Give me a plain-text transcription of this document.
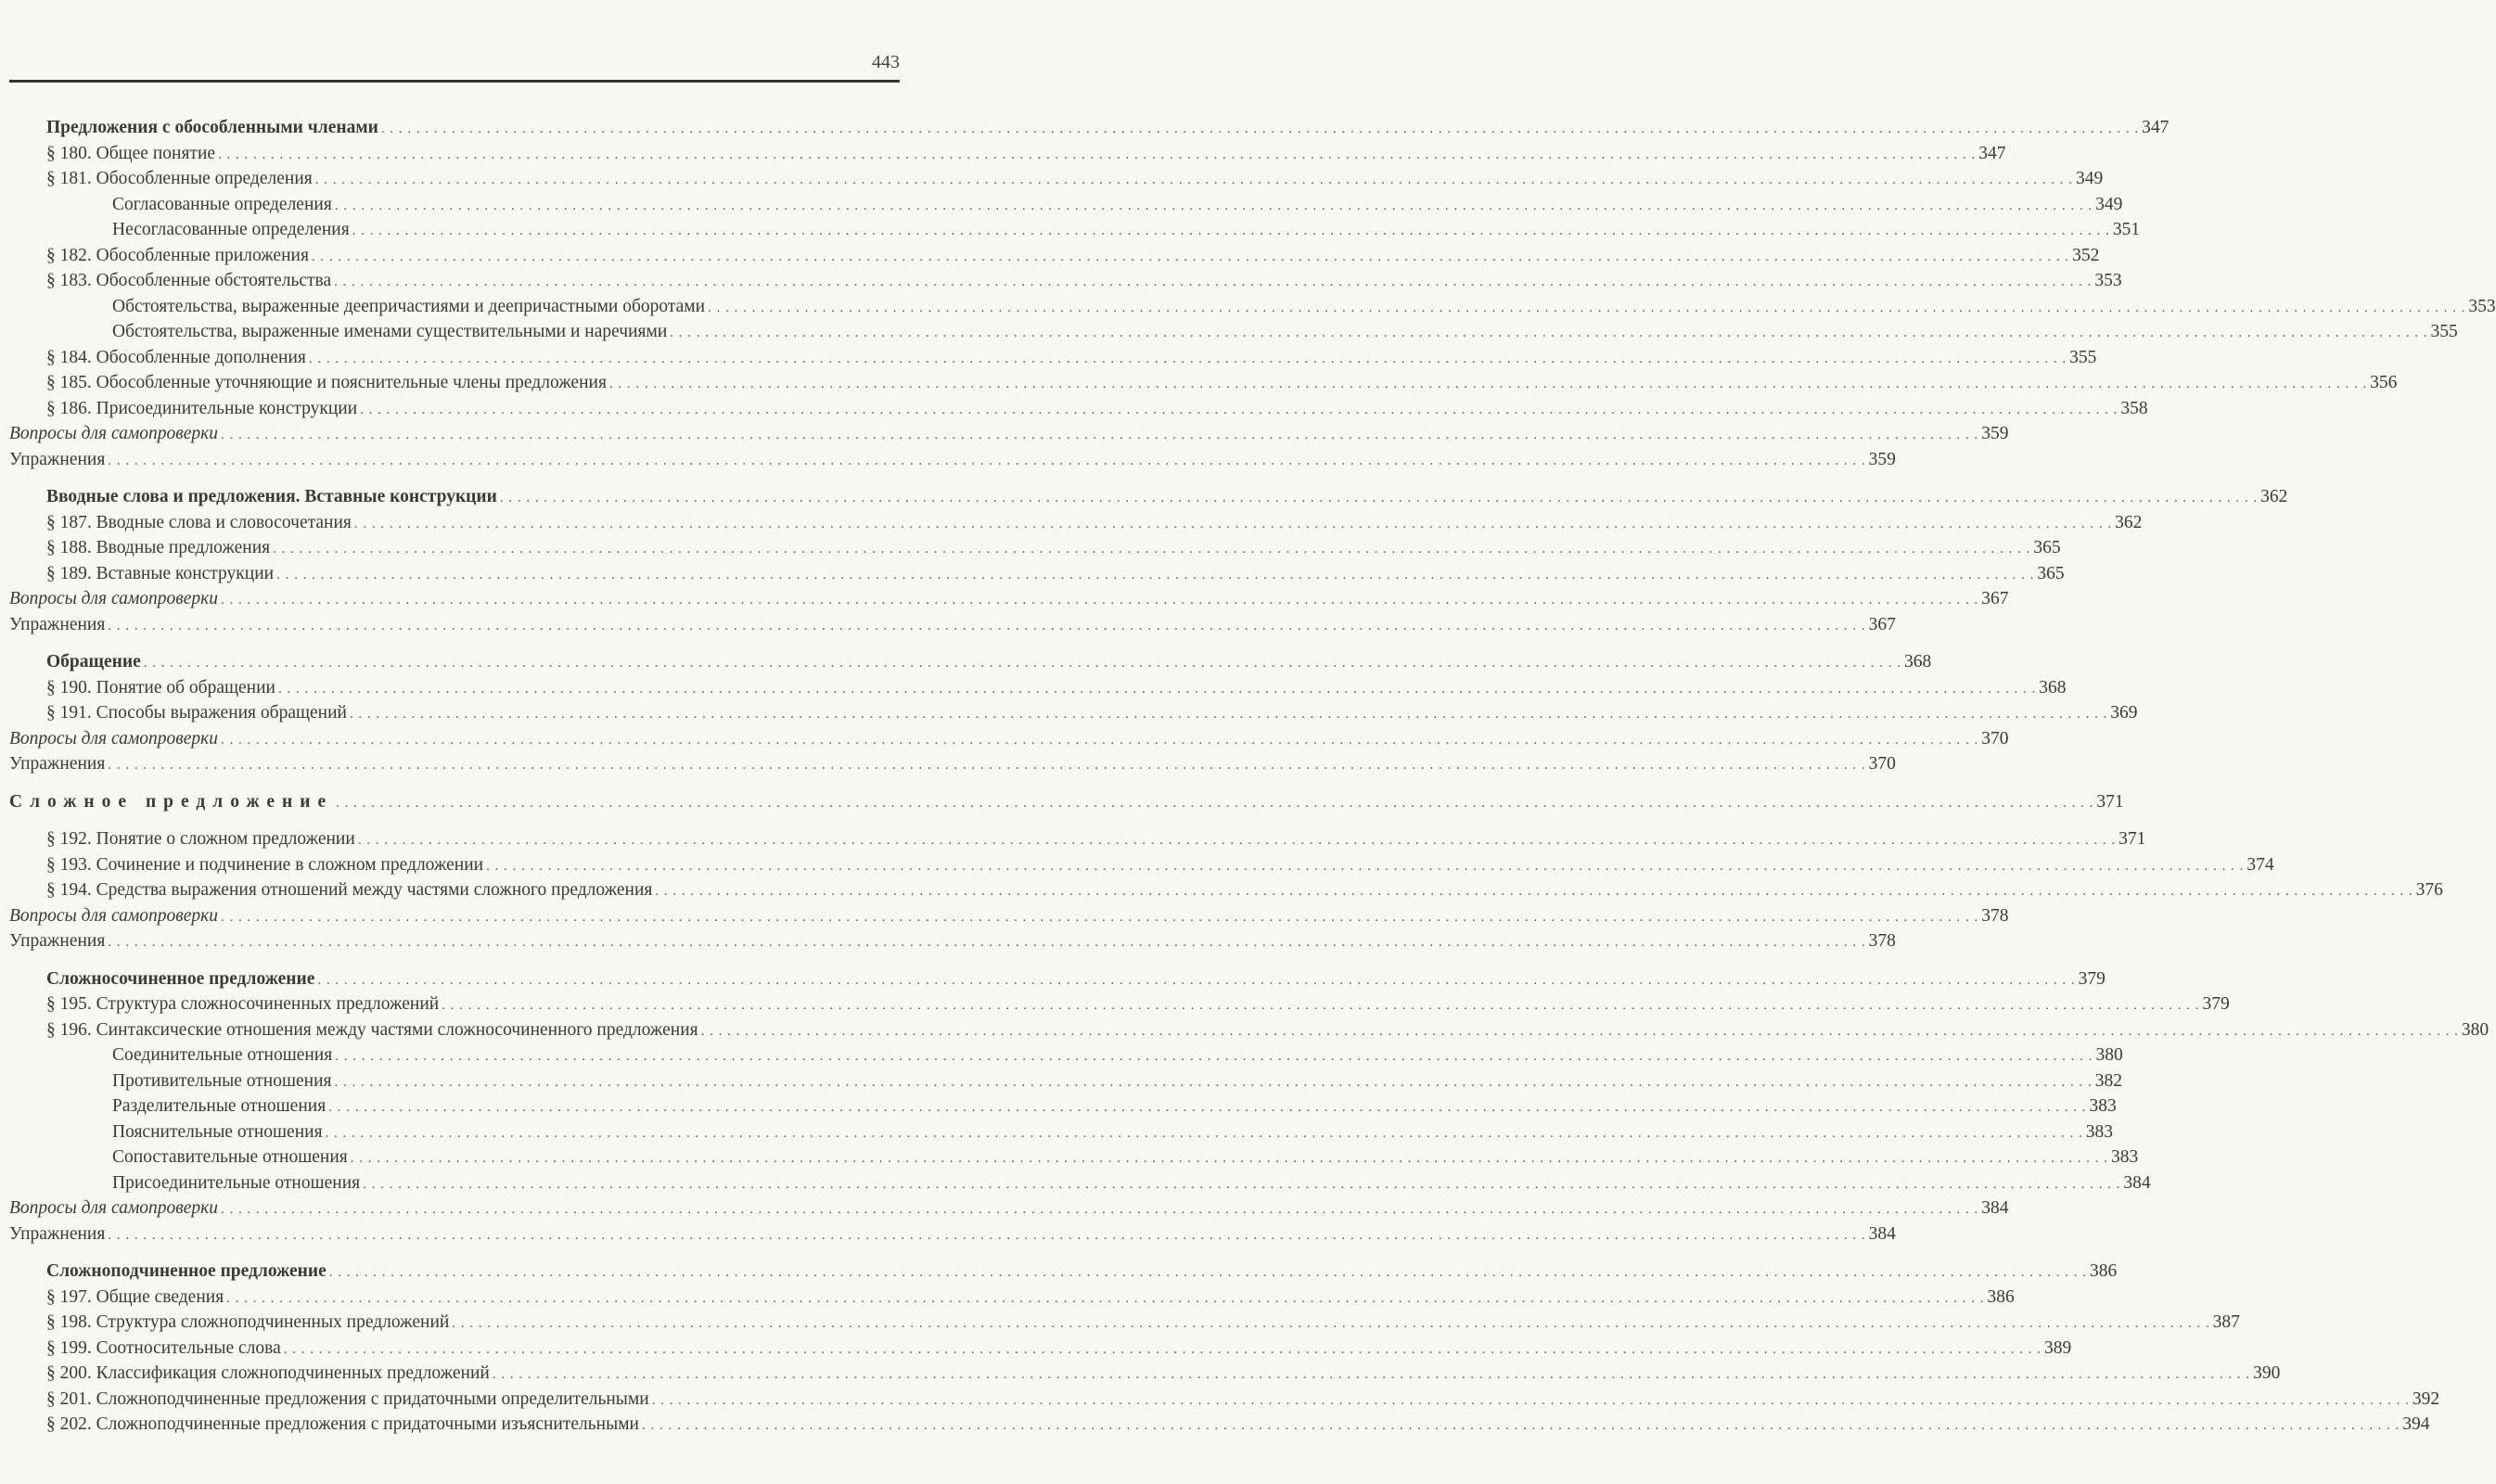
443
Предложения с обособленными членами . . . . . . . . . . . . . . . . . . . . . . . . . . . . . . . . . . . . . . . . . . . . . . . . . . . . . . . . . . . . . . . . . . . . . . . . . . . . . . . . . . . . . . . . . . . . . . . . . . . . . . . . . . . . . . . . . . . . . . . . . . . . . . . . . . . . . . . . . . . . . . . . . . . . . . . . . . . . . . . . . . . . . . . . . . . . . . . . . . . . . . . . . . . . . . . . . . . . . . . . 347
§ 180. Общее понятие . . . . . . . . . . . . . . . . . . . . . . . . . . . . . . . . . . . . . . . . . . . . . . . . . . . . . . . . . . . . . . . . . . . . . . . . . . . . . . . . . . . . . . . . . . . . . . . . . . . . . . . . . . . . . . . . . . . . . . . . . . . . . . . . . . . . . . . . . . . . . . . . . . . . . . . . . . . . . . . . . . . . . . . . . . . . . . . . . . . . . . . . . . . . . . . . . . . . . . . . 347
§ 181. Обособленные определения . . . . . . . . . . . . . . . . . . . . . . . . . . . . . . . . . . . . . . . . . . . . . . . . . . . . . . . . . . . . . . . . . . . . . . . . . . . . . . . . . . . . . . . . . . . . . . . . . . . . . . . . . . . . . . . . . . . . . . . . . . . . . . . . . . . . . . . . . . . . . . . . . . . . . . . . . . . . . . . . . . . . . . . . . . . . . . . . . . . . . . . . . . . . . . . . . . . . . . . . 349
Согласованные определения . . . . . . . . . . . . . . . . . . . . . . . . . . . . . . . . . . . . . . . . . . . . . . . . . . . . . . . . . . . . . . . . . . . . . . . . . . . . . . . . . . . . . . . . . . . . . . . . . . . . . . . . . . . . . . . . . . . . . . . . . . . . . . . . . . . . . . . . . . . . . . . . . . . . . . . . . . . . . . . . . . . . . . . . . . . . . . . . . . . . . . . . . . . . . . . . . . . . . . . . 349
Несогласованные определения . . . . . . . . . . . . . . . . . . . . . . . . . . . . . . . . . . . . . . . . . . . . . . . . . . . . . . . . . . . . . . . . . . . . . . . . . . . . . . . . . . . . . . . . . . . . . . . . . . . . . . . . . . . . . . . . . . . . . . . . . . . . . . . . . . . . . . . . . . . . . . . . . . . . . . . . . . . . . . . . . . . . . . . . . . . . . . . . . . . . . . . . . . . . . . . . . . . . . . . . 351
§ 182. Обособленные приложения . . . . . . . . . . . . . . . . . . . . . . . . . . . . . . . . . . . . . . . . . . . . . . . . . . . . . . . . . . . . . . . . . . . . . . . . . . . . . . . . . . . . . . . . . . . . . . . . . . . . . . . . . . . . . . . . . . . . . . . . . . . . . . . . . . . . . . . . . . . . . . . . . . . . . . . . . . . . . . . . . . . . . . . . . . . . . . . . . . . . . . . . . . . . . . . . . . . . . . . . 352
§ 183. Обособленные обстоятельства . . . . . . . . . . . . . . . . . . . . . . . . . . . . . . . . . . . . . . . . . . . . . . . . . . . . . . . . . . . . . . . . . . . . . . . . . . . . . . . . . . . . . . . . . . . . . . . . . . . . . . . . . . . . . . . . . . . . . . . . . . . . . . . . . . . . . . . . . . . . . . . . . . . . . . . . . . . . . . . . . . . . . . . . . . . . . . . . . . . . . . . . . . . . . . . . . . . . . . . . 353
Обстоятельства, выраженные деепричастиями и деепричастными оборотами . . . . . . . . . . . . . . . . . . . . . . . . . . . . . . . . . . . . . . . . . . . . . . . . . . . . . . . . . . . . . . . . . . . . . . . . . . . . . . . . . . . . . . . . . . . . . . . . . . . . . . . . . . . . . . . . . . . . . . . . . . . . . . . . . . . . . . . . . . . . . . . . . . . . . . . . . . . . . . . . . . . . . . . . . . . . . . . . . . . . . . . . . . . . . . . . . . . . . . . . 353
Обстоятельства, выраженные именами существительными и наречиями . . . . . . . . . . . . . . . . . . . . . . . . . . . . . . . . . . . . . . . . . . . . . . . . . . . . . . . . . . . . . . . . . . . . . . . . . . . . . . . . . . . . . . . . . . . . . . . . . . . . . . . . . . . . . . . . . . . . . . . . . . . . . . . . . . . . . . . . . . . . . . . . . . . . . . . . . . . . . . . . . . . . . . . . . . . . . . . . . . . . . . . . . . . . . . . . . . . . . . . . 355
§ 184. Обособленные дополнения . . . . . . . . . . . . . . . . . . . . . . . . . . . . . . . . . . . . . . . . . . . . . . . . . . . . . . . . . . . . . . . . . . . . . . . . . . . . . . . . . . . . . . . . . . . . . . . . . . . . . . . . . . . . . . . . . . . . . . . . . . . . . . . . . . . . . . . . . . . . . . . . . . . . . . . . . . . . . . . . . . . . . . . . . . . . . . . . . . . . . . . . . . . . . . . . . . . . . . . . 355
§ 185. Обособленные уточняющие и пояснительные члены предложения . . . . . . . . . . . . . . . . . . . . . . . . . . . . . . . . . . . . . . . . . . . . . . . . . . . . . . . . . . . . . . . . . . . . . . . . . . . . . . . . . . . . . . . . . . . . . . . . . . . . . . . . . . . . . . . . . . . . . . . . . . . . . . . . . . . . . . . . . . . . . . . . . . . . . . . . . . . . . . . . . . . . . . . . . . . . . . . . . . . . . . . . . . . . . . . . . . . . . . . . 356
§ 186. Присоединительные конструкции . . . . . . . . . . . . . . . . . . . . . . . . . . . . . . . . . . . . . . . . . . . . . . . . . . . . . . . . . . . . . . . . . . . . . . . . . . . . . . . . . . . . . . . . . . . . . . . . . . . . . . . . . . . . . . . . . . . . . . . . . . . . . . . . . . . . . . . . . . . . . . . . . . . . . . . . . . . . . . . . . . . . . . . . . . . . . . . . . . . . . . . . . . . . . . . . . . . . . . . . 358
Вопросы для самопроверки . . . . . . . . . . . . . . . . . . . . . . . . . . . . . . . . . . . . . . . . . . . . . . . . . . . . . . . . . . . . . . . . . . . . . . . . . . . . . . . . . . . . . . . . . . . . . . . . . . . . . . . . . . . . . . . . . . . . . . . . . . . . . . . . . . . . . . . . . . . . . . . . . . . . . . . . . . . . . . . . . . . . . . . . . . . . . . . . . . . . . . . . . . . . . . . . . . . . . . . . 359
Упражнения . . . . . . . . . . . . . . . . . . . . . . . . . . . . . . . . . . . . . . . . . . . . . . . . . . . . . . . . . . . . . . . . . . . . . . . . . . . . . . . . . . . . . . . . . . . . . . . . . . . . . . . . . . . . . . . . . . . . . . . . . . . . . . . . . . . . . . . . . . . . . . . . . . . . . . . . . . . . . . . . . . . . . . . . . . . . . . . . . . . . . . . . . . . . . . . . . . . . . . . . 359
Вводные слова и предложения. Вставные конструкции . . . . . . . . . . . . . . . . . . . . . . . . . . . . . . . . . . . . . . . . . . . . . . . . . . . . . . . . . . . . . . . . . . . . . . . . . . . . . . . . . . . . . . . . . . . . . . . . . . . . . . . . . . . . . . . . . . . . . . . . . . . . . . . . . . . . . . . . . . . . . . . . . . . . . . . . . . . . . . . . . . . . . . . . . . . . . . . . . . . . . . . . . . . . . . . . . . . . . . . . 362
§ 187. Вводные слова и словосочетания . . . . . . . . . . . . . . . . . . . . . . . . . . . . . . . . . . . . . . . . . . . . . . . . . . . . . . . . . . . . . . . . . . . . . . . . . . . . . . . . . . . . . . . . . . . . . . . . . . . . . . . . . . . . . . . . . . . . . . . . . . . . . . . . . . . . . . . . . . . . . . . . . . . . . . . . . . . . . . . . . . . . . . . . . . . . . . . . . . . . . . . . . . . . . . . . . . . . . . . . 362
§ 188. Вводные предложения . . . . . . . . . . . . . . . . . . . . . . . . . . . . . . . . . . . . . . . . . . . . . . . . . . . . . . . . . . . . . . . . . . . . . . . . . . . . . . . . . . . . . . . . . . . . . . . . . . . . . . . . . . . . . . . . . . . . . . . . . . . . . . . . . . . . . . . . . . . . . . . . . . . . . . . . . . . . . . . . . . . . . . . . . . . . . . . . . . . . . . . . . . . . . . . . . . . . . . . . 365
§ 189. Вставные конструкции . . . . . . . . . . . . . . . . . . . . . . . . . . . . . . . . . . . . . . . . . . . . . . . . . . . . . . . . . . . . . . . . . . . . . . . . . . . . . . . . . . . . . . . . . . . . . . . . . . . . . . . . . . . . . . . . . . . . . . . . . . . . . . . . . . . . . . . . . . . . . . . . . . . . . . . . . . . . . . . . . . . . . . . . . . . . . . . . . . . . . . . . . . . . . . . . . . . . . . . . 365
Вопросы для самопроверки . . . . . . . . . . . . . . . . . . . . . . . . . . . . . . . . . . . . . . . . . . . . . . . . . . . . . . . . . . . . . . . . . . . . . . . . . . . . . . . . . . . . . . . . . . . . . . . . . . . . . . . . . . . . . . . . . . . . . . . . . . . . . . . . . . . . . . . . . . . . . . . . . . . . . . . . . . . . . . . . . . . . . . . . . . . . . . . . . . . . . . . . . . . . . . . . . . . . . . . . 367
Упражнения . . . . . . . . . . . . . . . . . . . . . . . . . . . . . . . . . . . . . . . . . . . . . . . . . . . . . . . . . . . . . . . . . . . . . . . . . . . . . . . . . . . . . . . . . . . . . . . . . . . . . . . . . . . . . . . . . . . . . . . . . . . . . . . . . . . . . . . . . . . . . . . . . . . . . . . . . . . . . . . . . . . . . . . . . . . . . . . . . . . . . . . . . . . . . . . . . . . . . . . . 367
Обращение . . . . . . . . . . . . . . . . . . . . . . . . . . . . . . . . . . . . . . . . . . . . . . . . . . . . . . . . . . . . . . . . . . . . . . . . . . . . . . . . . . . . . . . . . . . . . . . . . . . . . . . . . . . . . . . . . . . . . . . . . . . . . . . . . . . . . . . . . . . . . . . . . . . . . . . . . . . . . . . . . . . . . . . . . . . . . . . . . . . . . . . . . . . . . . . . . . . . . . . . 368
§ 190. Понятие об обращении . . . . . . . . . . . . . . . . . . . . . . . . . . . . . . . . . . . . . . . . . . . . . . . . . . . . . . . . . . . . . . . . . . . . . . . . . . . . . . . . . . . . . . . . . . . . . . . . . . . . . . . . . . . . . . . . . . . . . . . . . . . . . . . . . . . . . . . . . . . . . . . . . . . . . . . . . . . . . . . . . . . . . . . . . . . . . . . . . . . . . . . . . . . . . . . . . . . . . . . . 368
§ 191. Способы выражения обращений . . . . . . . . . . . . . . . . . . . . . . . . . . . . . . . . . . . . . . . . . . . . . . . . . . . . . . . . . . . . . . . . . . . . . . . . . . . . . . . . . . . . . . . . . . . . . . . . . . . . . . . . . . . . . . . . . . . . . . . . . . . . . . . . . . . . . . . . . . . . . . . . . . . . . . . . . . . . . . . . . . . . . . . . . . . . . . . . . . . . . . . . . . . . . . . . . . . . . . . . 369
Вопросы для самопроверки . . . . . . . . . . . . . . . . . . . . . . . . . . . . . . . . . . . . . . . . . . . . . . . . . . . . . . . . . . . . . . . . . . . . . . . . . . . . . . . . . . . . . . . . . . . . . . . . . . . . . . . . . . . . . . . . . . . . . . . . . . . . . . . . . . . . . . . . . . . . . . . . . . . . . . . . . . . . . . . . . . . . . . . . . . . . . . . . . . . . . . . . . . . . . . . . . . . . . . . . 370
Упражнения . . . . . . . . . . . . . . . . . . . . . . . . . . . . . . . . . . . . . . . . . . . . . . . . . . . . . . . . . . . . . . . . . . . . . . . . . . . . . . . . . . . . . . . . . . . . . . . . . . . . . . . . . . . . . . . . . . . . . . . . . . . . . . . . . . . . . . . . . . . . . . . . . . . . . . . . . . . . . . . . . . . . . . . . . . . . . . . . . . . . . . . . . . . . . . . . . . . . . . . . 370
Сложное предложение . . . . . . . . . . . . . . . . . . . . . . . . . . . . . . . . . . . . . . . . . . . . . . . . . . . . . . . . . . . . . . . . . . . . . . . . . . . . . . . . . . . . . . . . . . . . . . . . . . . . . . . . . . . . . . . . . . . . . . . . . . . . . . . . . . . . . . . . . . . . . . . . . . . . . . . . . . . . . . . . . . . . . . . . . . . . . . . . . . . . . . . . . . . . . . . . . . . . . . . . 371
§ 192. Понятие о сложном предложении . . . . . . . . . . . . . . . . . . . . . . . . . . . . . . . . . . . . . . . . . . . . . . . . . . . . . . . . . . . . . . . . . . . . . . . . . . . . . . . . . . . . . . . . . . . . . . . . . . . . . . . . . . . . . . . . . . . . . . . . . . . . . . . . . . . . . . . . . . . . . . . . . . . . . . . . . . . . . . . . . . . . . . . . . . . . . . . . . . . . . . . . . . . . . . . . . . . . . . . . 371
§ 193. Сочинение и подчинение в сложном предложении . . . . . . . . . . . . . . . . . . . . . . . . . . . . . . . . . . . . . . . . . . . . . . . . . . . . . . . . . . . . . . . . . . . . . . . . . . . . . . . . . . . . . . . . . . . . . . . . . . . . . . . . . . . . . . . . . . . . . . . . . . . . . . . . . . . . . . . . . . . . . . . . . . . . . . . . . . . . . . . . . . . . . . . . . . . . . . . . . . . . . . . . . . . . . . . . . . . . . . . . 374
§ 194. Средства выражения отношений между частями сложного предложения . . . . . . . . . . . . . . . . . . . . . . . . . . . . . . . . . . . . . . . . . . . . . . . . . . . . . . . . . . . . . . . . . . . . . . . . . . . . . . . . . . . . . . . . . . . . . . . . . . . . . . . . . . . . . . . . . . . . . . . . . . . . . . . . . . . . . . . . . . . . . . . . . . . . . . . . . . . . . . . . . . . . . . . . . . . . . . . . . . . . . . . . . . . . . . . . . . . . . . . . 376
Вопросы для самопроверки . . . . . . . . . . . . . . . . . . . . . . . . . . . . . . . . . . . . . . . . . . . . . . . . . . . . . . . . . . . . . . . . . . . . . . . . . . . . . . . . . . . . . . . . . . . . . . . . . . . . . . . . . . . . . . . . . . . . . . . . . . . . . . . . . . . . . . . . . . . . . . . . . . . . . . . . . . . . . . . . . . . . . . . . . . . . . . . . . . . . . . . . . . . . . . . . . . . . . . . . 378
Упражнения . . . . . . . . . . . . . . . . . . . . . . . . . . . . . . . . . . . . . . . . . . . . . . . . . . . . . . . . . . . . . . . . . . . . . . . . . . . . . . . . . . . . . . . . . . . . . . . . . . . . . . . . . . . . . . . . . . . . . . . . . . . . . . . . . . . . . . . . . . . . . . . . . . . . . . . . . . . . . . . . . . . . . . . . . . . . . . . . . . . . . . . . . . . . . . . . . . . . . . . . 378
Сложносочиненное предложение . . . . . . . . . . . . . . . . . . . . . . . . . . . . . . . . . . . . . . . . . . . . . . . . . . . . . . . . . . . . . . . . . . . . . . . . . . . . . . . . . . . . . . . . . . . . . . . . . . . . . . . . . . . . . . . . . . . . . . . . . . . . . . . . . . . . . . . . . . . . . . . . . . . . . . . . . . . . . . . . . . . . . . . . . . . . . . . . . . . . . . . . . . . . . . . . . . . . . . . . 379
§ 195. Структура сложносочиненных предложений . . . . . . . . . . . . . . . . . . . . . . . . . . . . . . . . . . . . . . . . . . . . . . . . . . . . . . . . . . . . . . . . . . . . . . . . . . . . . . . . . . . . . . . . . . . . . . . . . . . . . . . . . . . . . . . . . . . . . . . . . . . . . . . . . . . . . . . . . . . . . . . . . . . . . . . . . . . . . . . . . . . . . . . . . . . . . . . . . . . . . . . . . . . . . . . . . . . . . . . . 379
§ 196. Синтаксические отношения между частями сложносочиненного предложения . . . . . . . . . . . . . . . . . . . . . . . . . . . . . . . . . . . . . . . . . . . . . . . . . . . . . . . . . . . . . . . . . . . . . . . . . . . . . . . . . . . . . . . . . . . . . . . . . . . . . . . . . . . . . . . . . . . . . . . . . . . . . . . . . . . . . . . . . . . . . . . . . . . . . . . . . . . . . . . . . . . . . . . . . . . . . . . . . . . . . . . . . . . . . . . . . . . . . . . . 380
Соединительные отношения . . . . . . . . . . . . . . . . . . . . . . . . . . . . . . . . . . . . . . . . . . . . . . . . . . . . . . . . . . . . . . . . . . . . . . . . . . . . . . . . . . . . . . . . . . . . . . . . . . . . . . . . . . . . . . . . . . . . . . . . . . . . . . . . . . . . . . . . . . . . . . . . . . . . . . . . . . . . . . . . . . . . . . . . . . . . . . . . . . . . . . . . . . . . . . . . . . . . . . . . 380
Противительные отношения . . . . . . . . . . . . . . . . . . . . . . . . . . . . . . . . . . . . . . . . . . . . . . . . . . . . . . . . . . . . . . . . . . . . . . . . . . . . . . . . . . . . . . . . . . . . . . . . . . . . . . . . . . . . . . . . . . . . . . . . . . . . . . . . . . . . . . . . . . . . . . . . . . . . . . . . . . . . . . . . . . . . . . . . . . . . . . . . . . . . . . . . . . . . . . . . . . . . . . . . 382
Разделительные отношения . . . . . . . . . . . . . . . . . . . . . . . . . . . . . . . . . . . . . . . . . . . . . . . . . . . . . . . . . . . . . . . . . . . . . . . . . . . . . . . . . . . . . . . . . . . . . . . . . . . . . . . . . . . . . . . . . . . . . . . . . . . . . . . . . . . . . . . . . . . . . . . . . . . . . . . . . . . . . . . . . . . . . . . . . . . . . . . . . . . . . . . . . . . . . . . . . . . . . . . . 383
Пояснительные отношения . . . . . . . . . . . . . . . . . . . . . . . . . . . . . . . . . . . . . . . . . . . . . . . . . . . . . . . . . . . . . . . . . . . . . . . . . . . . . . . . . . . . . . . . . . . . . . . . . . . . . . . . . . . . . . . . . . . . . . . . . . . . . . . . . . . . . . . . . . . . . . . . . . . . . . . . . . . . . . . . . . . . . . . . . . . . . . . . . . . . . . . . . . . . . . . . . . . . . . . . 383
Сопоставительные отношения . . . . . . . . . . . . . . . . . . . . . . . . . . . . . . . . . . . . . . . . . . . . . . . . . . . . . . . . . . . . . . . . . . . . . . . . . . . . . . . . . . . . . . . . . . . . . . . . . . . . . . . . . . . . . . . . . . . . . . . . . . . . . . . . . . . . . . . . . . . . . . . . . . . . . . . . . . . . . . . . . . . . . . . . . . . . . . . . . . . . . . . . . . . . . . . . . . . . . . . . 383
Присоединительные отношения . . . . . . . . . . . . . . . . . . . . . . . . . . . . . . . . . . . . . . . . . . . . . . . . . . . . . . . . . . . . . . . . . . . . . . . . . . . . . . . . . . . . . . . . . . . . . . . . . . . . . . . . . . . . . . . . . . . . . . . . . . . . . . . . . . . . . . . . . . . . . . . . . . . . . . . . . . . . . . . . . . . . . . . . . . . . . . . . . . . . . . . . . . . . . . . . . . . . . . . . 384
Вопросы для самопроверки . . . . . . . . . . . . . . . . . . . . . . . . . . . . . . . . . . . . . . . . . . . . . . . . . . . . . . . . . . . . . . . . . . . . . . . . . . . . . . . . . . . . . . . . . . . . . . . . . . . . . . . . . . . . . . . . . . . . . . . . . . . . . . . . . . . . . . . . . . . . . . . . . . . . . . . . . . . . . . . . . . . . . . . . . . . . . . . . . . . . . . . . . . . . . . . . . . . . . . . . 384
Упражнения . . . . . . . . . . . . . . . . . . . . . . . . . . . . . . . . . . . . . . . . . . . . . . . . . . . . . . . . . . . . . . . . . . . . . . . . . . . . . . . . . . . . . . . . . . . . . . . . . . . . . . . . . . . . . . . . . . . . . . . . . . . . . . . . . . . . . . . . . . . . . . . . . . . . . . . . . . . . . . . . . . . . . . . . . . . . . . . . . . . . . . . . . . . . . . . . . . . . . . . . 384
Сложноподчиненное предложение . . . . . . . . . . . . . . . . . . . . . . . . . . . . . . . . . . . . . . . . . . . . . . . . . . . . . . . . . . . . . . . . . . . . . . . . . . . . . . . . . . . . . . . . . . . . . . . . . . . . . . . . . . . . . . . . . . . . . . . . . . . . . . . . . . . . . . . . . . . . . . . . . . . . . . . . . . . . . . . . . . . . . . . . . . . . . . . . . . . . . . . . . . . . . . . . . . . . . . . . 386
§ 197. Общие сведения . . . . . . . . . . . . . . . . . . . . . . . . . . . . . . . . . . . . . . . . . . . . . . . . . . . . . . . . . . . . . . . . . . . . . . . . . . . . . . . . . . . . . . . . . . . . . . . . . . . . . . . . . . . . . . . . . . . . . . . . . . . . . . . . . . . . . . . . . . . . . . . . . . . . . . . . . . . . . . . . . . . . . . . . . . . . . . . . . . . . . . . . . . . . . . . . . . . . . . . . 386
§ 198. Структура сложноподчиненных предложений . . . . . . . . . . . . . . . . . . . . . . . . . . . . . . . . . . . . . . . . . . . . . . . . . . . . . . . . . . . . . . . . . . . . . . . . . . . . . . . . . . . . . . . . . . . . . . . . . . . . . . . . . . . . . . . . . . . . . . . . . . . . . . . . . . . . . . . . . . . . . . . . . . . . . . . . . . . . . . . . . . . . . . . . . . . . . . . . . . . . . . . . . . . . . . . . . . . . . . . . 387
§ 199. Соотносительные слова . . . . . . . . . . . . . . . . . . . . . . . . . . . . . . . . . . . . . . . . . . . . . . . . . . . . . . . . . . . . . . . . . . . . . . . . . . . . . . . . . . . . . . . . . . . . . . . . . . . . . . . . . . . . . . . . . . . . . . . . . . . . . . . . . . . . . . . . . . . . . . . . . . . . . . . . . . . . . . . . . . . . . . . . . . . . . . . . . . . . . . . . . . . . . . . . . . . . . . . . 389
§ 200. Классификация сложноподчиненных предложений . . . . . . . . . . . . . . . . . . . . . . . . . . . . . . . . . . . . . . . . . . . . . . . . . . . . . . . . . . . . . . . . . . . . . . . . . . . . . . . . . . . . . . . . . . . . . . . . . . . . . . . . . . . . . . . . . . . . . . . . . . . . . . . . . . . . . . . . . . . . . . . . . . . . . . . . . . . . . . . . . . . . . . . . . . . . . . . . . . . . . . . . . . . . . . . . . . . . . . . . 390
§ 201. Сложноподчиненные предложения с придаточными определительными . . . . . . . . . . . . . . . . . . . . . . . . . . . . . . . . . . . . . . . . . . . . . . . . . . . . . . . . . . . . . . . . . . . . . . . . . . . . . . . . . . . . . . . . . . . . . . . . . . . . . . . . . . . . . . . . . . . . . . . . . . . . . . . . . . . . . . . . . . . . . . . . . . . . . . . . . . . . . . . . . . . . . . . . . . . . . . . . . . . . . . . . . . . . . . . . . . . . . . . . 392
§ 202. Сложноподчиненные предложения с придаточными изъяснительными . . . . . . . . . . . . . . . . . . . . . . . . . . . . . . . . . . . . . . . . . . . . . . . . . . . . . . . . . . . . . . . . . . . . . . . . . . . . . . . . . . . . . . . . . . . . . . . . . . . . . . . . . . . . . . . . . . . . . . . . . . . . . . . . . . . . . . . . . . . . . . . . . . . . . . . . . . . . . . . . . . . . . . . . . . . . . . . . . . . . . . . . . . . . . . . . . . . . . . . . 394
